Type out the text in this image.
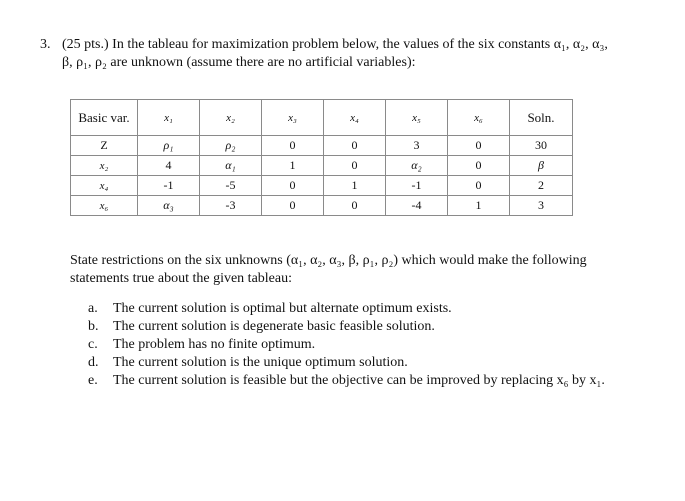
3. (25 pts.) In the tableau for maximization problem below, the values of the six constants α₁, α₂, α₃,
β, ρ₁, ρ₂ are unknown (assume there are no artificial variables):
Basic var.	x₁	x₂	x₃	x₄	x₅	x₆	Soln.
Z	ρ₁	ρ₂	0	0	3	0	30
x₂	4	α₁	1	0	α₂	0	β
x₄	-1	-5	0	1	-1	0	2
x₆	α₃	-3	0	0	-4	1	3
State restrictions on the six unknowns (α₁, α₂, α₃, β, ρ₁, ρ₂) which would make the following statements true about the given tableau:
a. The current solution is optimal but alternate optimum exists.
b. The current solution is degenerate basic feasible solution.
c. The problem has no finite optimum.
d. The current solution is the unique optimum solution.
e. The current solution is feasible but the objective can be improved by replacing x₆ by x₁.
